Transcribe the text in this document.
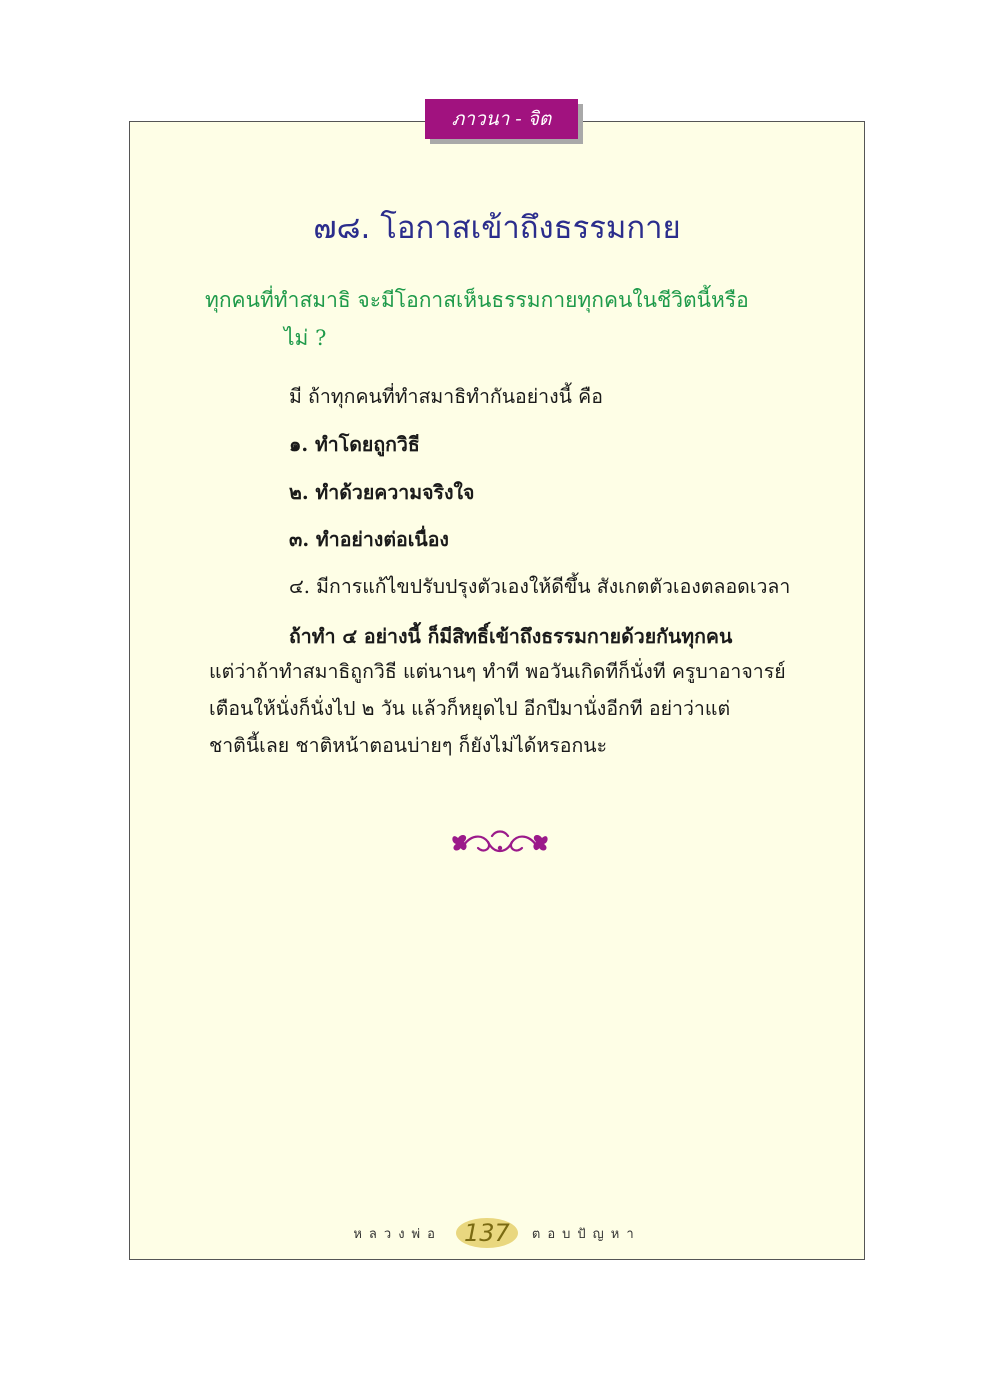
ภาวนา - จิต
๗๘. โอกาสเข้าถึงธรรมกาย
ทุกคนที่ทำสมาธิ จะมีโอกาสเห็นธรรมกายทุกคนในชีวิตนี้หรือ
ไม่ ?
มี ถ้าทุกคนที่ทำสมาธิทำกันอย่างนี้ คือ
๑. ทำโดยถูกวิธี
๒. ทำด้วยความจริงใจ
๓. ทำอย่างต่อเนื่อง
๔. มีการแก้ไขปรับปรุงตัวเองให้ดีขึ้น สังเกตตัวเองตลอดเวลา
ถ้าทำ ๔ อย่างนี้ ก็มีสิทธิ์เข้าถึงธรรมกายด้วยกันทุกคน
แต่ว่าถ้าทำสมาธิถูกวิธี แต่นานๆ ทำที พอวันเกิดทีก็นั่งที ครูบาอาจารย์
เตือนให้นั่งก็นั่งไป ๒ วัน แล้วก็หยุดไป อีกปีมานั่งอีกที อย่าว่าแต่
ชาตินี้เลย ชาติหน้าตอนบ่ายๆ ก็ยังไม่ได้หรอกนะ
หลวงพ่อ 137 ตอบปัญหา
